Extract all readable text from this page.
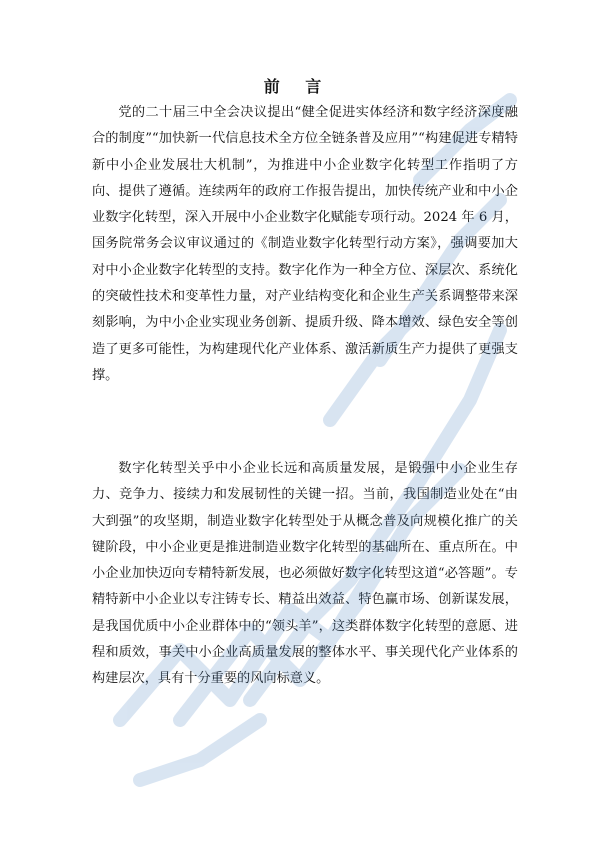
前 言

党的二十届三中全会决议提出“健全促进实体经济和数字经济深度融合的制度”“加快新一代信息技术全方位全链条普及应用”“构建促进专精特新中小企业发展壮大机制”，为推进中小企业数字化转型工作指明了方向、提供了遵循。连续两年的政府工作报告提出，加快传统产业和中小企业数字化转型，深入开展中小企业数字化赋能专项行动。2024 年 6 月，国务院常务会议审议通过的《制造业数字化转型行动方案》，强调要加大对中小企业数字化转型的支持。数字化作为一种全方位、深层次、系统化的突破性技术和变革性力量，对产业结构变化和企业生产关系调整带来深刻影响，为中小企业实现业务创新、提质升级、降本增效、绿色安全等创造了更多可能性，为构建现代化产业体系、激活新质生产力提供了更强支撑。

数字化转型关乎中小企业长远和高质量发展，是锻强中小企业生存力、竞争力、接续力和发展韧性的关键一招。当前，我国制造业处在“由大到强”的攻坚期，制造业数字化转型处于从概念普及向规模化推广的关键阶段，中小企业更是推进制造业数字化转型的基础所在、重点所在。中小企业加快迈向专精特新发展，也必须做好数字化转型这道“必答题”。专精特新中小企业以专注铸专长、精益出效益、特色赢市场、创新谋发展，是我国优质中小企业群体中的“领头羊”，这类群体数字化转型的意愿、进程和质效，事关中小企业高质量发展的整体水平、事关现代化产业体系的构建层次，具有十分重要的风向标意义。
